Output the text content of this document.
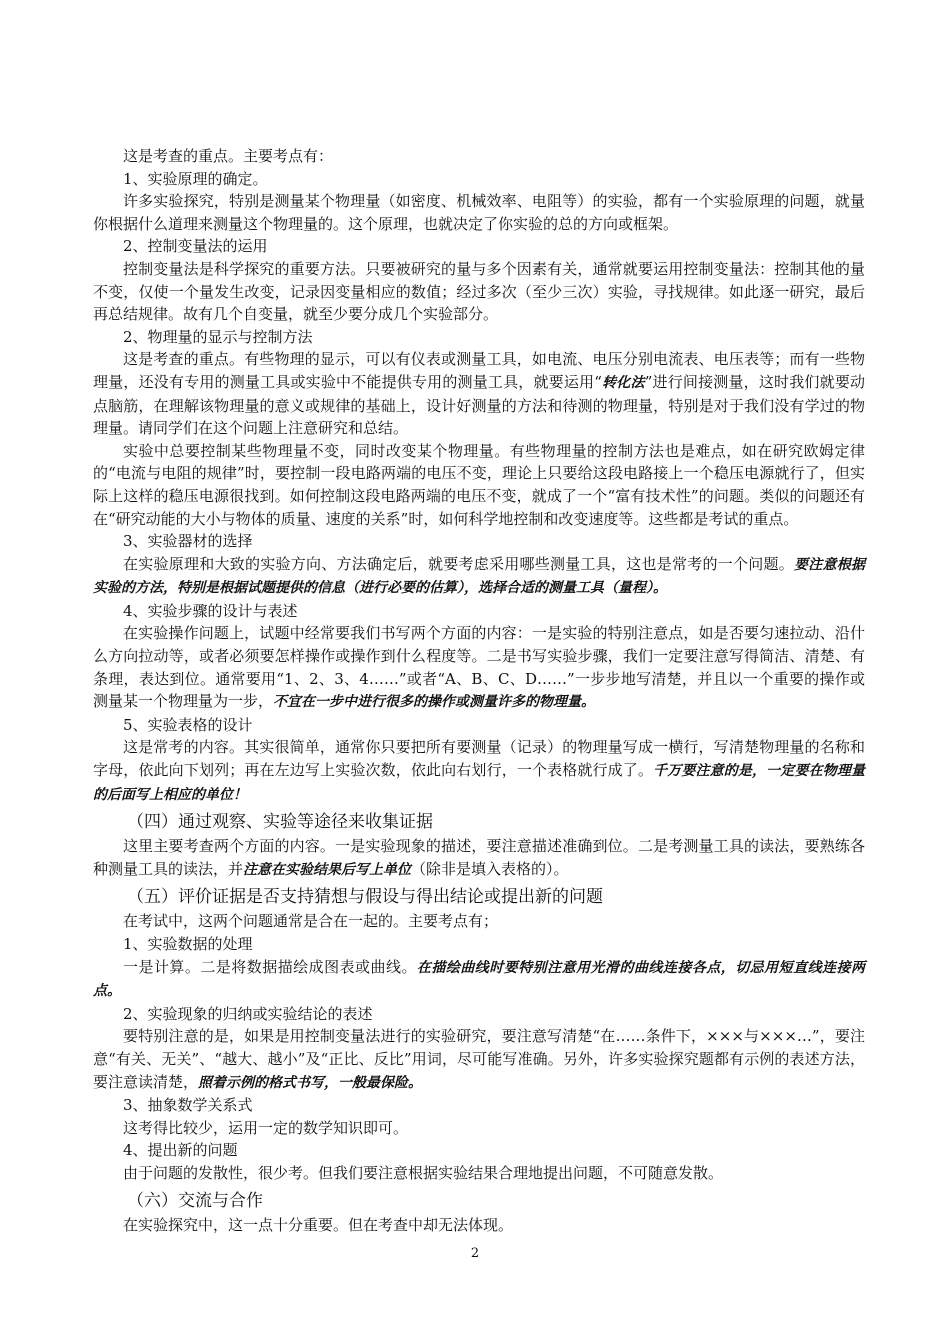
这是考查的重点。主要考点有：

1、实验原理的确定。

许多实验探究，特别是测量某个物理量（如密度、机械效率、电阻等）的实验，都有一个实验原理的问题，就量你根据什么道理来测量这个物理量的。这个原理，也就决定了你实验的总的方向或框架。

2、控制变量法的运用

控制变量法是科学探究的重要方法。只要被研究的量与多个因素有关，通常就要运用控制变量法：控制其他的量不变，仅使一个量发生改变，记录因变量相应的数值；经过多次（至少三次）实验，寻找规律。如此逐一研究，最后再总结规律。故有几个自变量，就至少要分成几个实验部分。

2、物理量的显示与控制方法

这是考查的重点。有些物理的显示，可以有仪表或测量工具，如电流、电压分别电流表、电压表等；而有一些物理量，还没有专用的测量工具或实验中不能提供专用的测量工具，就要运用“转化法”进行间接测量，这时我们就要动点脑筋，在理解该物理量的意义或规律的基础上，设计好测量的方法和待测的物理量，特别是对于我们没有学过的物理量。请同学们在这个问题上注意研究和总结。

实验中总要控制某些物理量不变，同时改变某个物理量。有些物理量的控制方法也是难点，如在研究欧姆定律的“电流与电阻的规律”时，要控制一段电路两端的电压不变，理论上只要给这段电路接上一个稳压电源就行了，但实际上这样的稳压电源很找到。如何控制这段电路两端的电压不变，就成了一个“富有技术性”的问题。类似的问题还有在“研究动能的大小与物体的质量、速度的关系”时，如何科学地控制和改变速度等。这些都是考试的重点。

3、实验器材的选择

在实验原理和大致的实验方向、方法确定后，就要考虑采用哪些测量工具，这也是常考的一个问题。要注意根据实验的方法，特别是根据试题提供的信息（进行必要的估算），选择合适的测量工具（量程）。

4、实验步骤的设计与表述

在实验操作问题上，试题中经常要我们书写两个方面的内容：一是实验的特别注意点，如是否要匀速拉动、沿什么方向拉动等，或者必须要怎样操作或操作到什么程度等。二是书写实验步骤，我们一定要注意写得简洁、清楚、有条理，表达到位。通常要用“1、2、3、4……”或者“A、B、C、D……”一步步地写清楚，并且以一个重要的操作或测量某一个物理量为一步，不宜在一步中进行很多的操作或测量许多的物理量。

5、实验表格的设计

这是常考的内容。其实很简单，通常你只要把所有要测量（记录）的物理量写成一横行，写清楚物理量的名称和字母，依此向下划列；再在左边写上实验次数，依此向右划行，一个表格就行成了。千万要注意的是，一定要在物理量的后面写上相应的单位！

（四）通过观察、实验等途径来收集证据

这里主要考查两个方面的内容。一是实验现象的描述，要注意描述准确到位。二是考测量工具的读法，要熟练各种测量工具的读法，并注意在实验结果后写上单位（除非是填入表格的）。

（五）评价证据是否支持猜想与假设与得出结论或提出新的问题

在考试中，这两个问题通常是合在一起的。主要考点有；

1、实验数据的处理

一是计算。二是将数据描绘成图表或曲线。在描绘曲线时要特别注意用光滑的曲线连接各点，切忌用短直线连接两点。

2、实验现象的归纳或实验结论的表述

要特别注意的是，如果是用控制变量法进行的实验研究，要注意写清楚“在……条件下，×××与×××…”，要注意“有关、无关”、“越大、越小”及“正比、反比”用词，尽可能写准确。另外，许多实验探究题都有示例的表述方法，要注意读清楚，照着示例的格式书写，一般最保险。

3、抽象数学关系式

这考得比较少，运用一定的数学知识即可。

4、提出新的问题

由于问题的发散性，很少考。但我们要注意根据实验结果合理地提出问题，不可随意发散。

（六）交流与合作

在实验探究中，这一点十分重要。但在考查中却无法体现。

2
